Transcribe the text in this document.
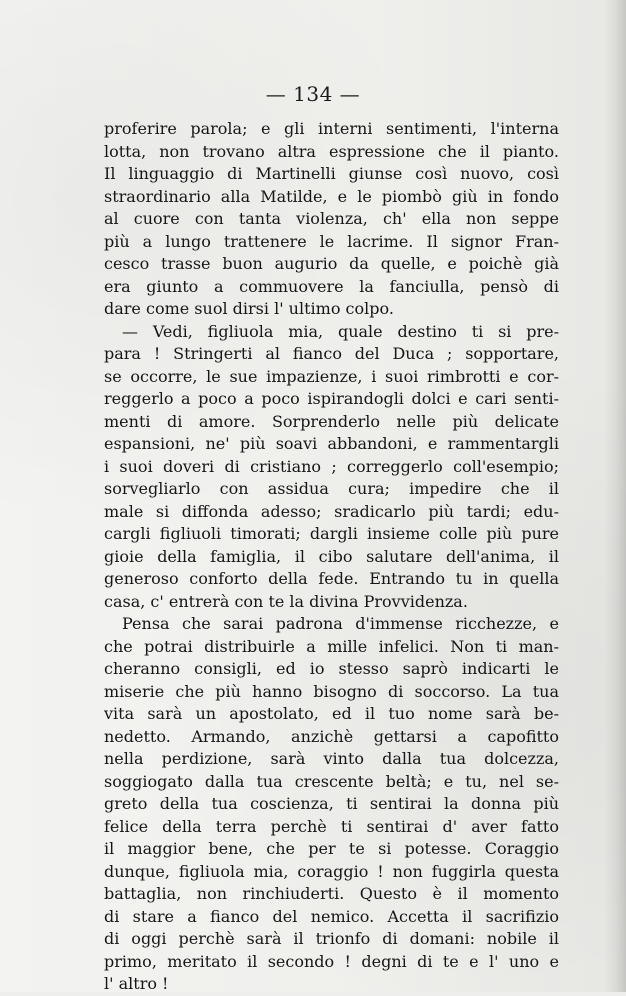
— 134 —
proferire parola; e gli interni sentimenti, l'interna
lotta, non trovano altra espressione che il pianto.
Il linguaggio di Martinelli giunse così nuovo, così
straordinario alla Matilde, e le piombò giù in fondo
al cuore con tanta violenza, ch' ella non seppe
più a lungo trattenere le lacrime. Il signor Fran-
cesco trasse buon augurio da quelle, e poichè già
era giunto a commuovere la fanciulla, pensò di
dare come suol dirsi l' ultimo colpo.
— Vedi, figliuola mia, quale destino ti si pre-
para ! Stringerti al fianco del Duca ; sopportare,
se occorre, le sue impazienze, i suoi rimbrotti e cor-
reggerlo a poco a poco ispirandogli dolci e cari senti-
menti di amore. Sorprenderlo nelle più delicate
espansioni, ne' più soavi abbandoni, e rammentargli
i suoi doveri di cristiano ; correggerlo coll'esempio;
sorvegliarlo con assidua cura; impedire che il
male si diffonda adesso; sradicarlo più tardi; edu-
cargli figliuoli timorati; dargli insieme colle più pure
gioie della famiglia, il cibo salutare dell'anima, il
generoso conforto della fede. Entrando tu in quella
casa, c' entrerà con te la divina Provvidenza.
Pensa che sarai padrona d'immense ricchezze, e
che potrai distribuirle a mille infelici. Non ti man-
cheranno consigli, ed io stesso saprò indicarti le
miserie che più hanno bisogno di soccorso. La tua
vita sarà un apostolato, ed il tuo nome sarà be-
nedetto. Armando, anzichè gettarsi a capofitto
nella perdizione, sarà vinto dalla tua dolcezza,
soggiogato dalla tua crescente beltà; e tu, nel se-
greto della tua coscienza, ti sentirai la donna più
felice della terra perchè ti sentirai d' aver fatto
il maggior bene, che per te si potesse. Coraggio
dunque, figliuola mia, coraggio ! non fuggirla questa
battaglia, non rinchiuderti. Questo è il momento
di stare a fianco del nemico. Accetta il sacrifizio
di oggi perchè sarà il trionfo di domani: nobile il
primo, meritato il secondo ! degni di te e l' uno e
l' altro !
